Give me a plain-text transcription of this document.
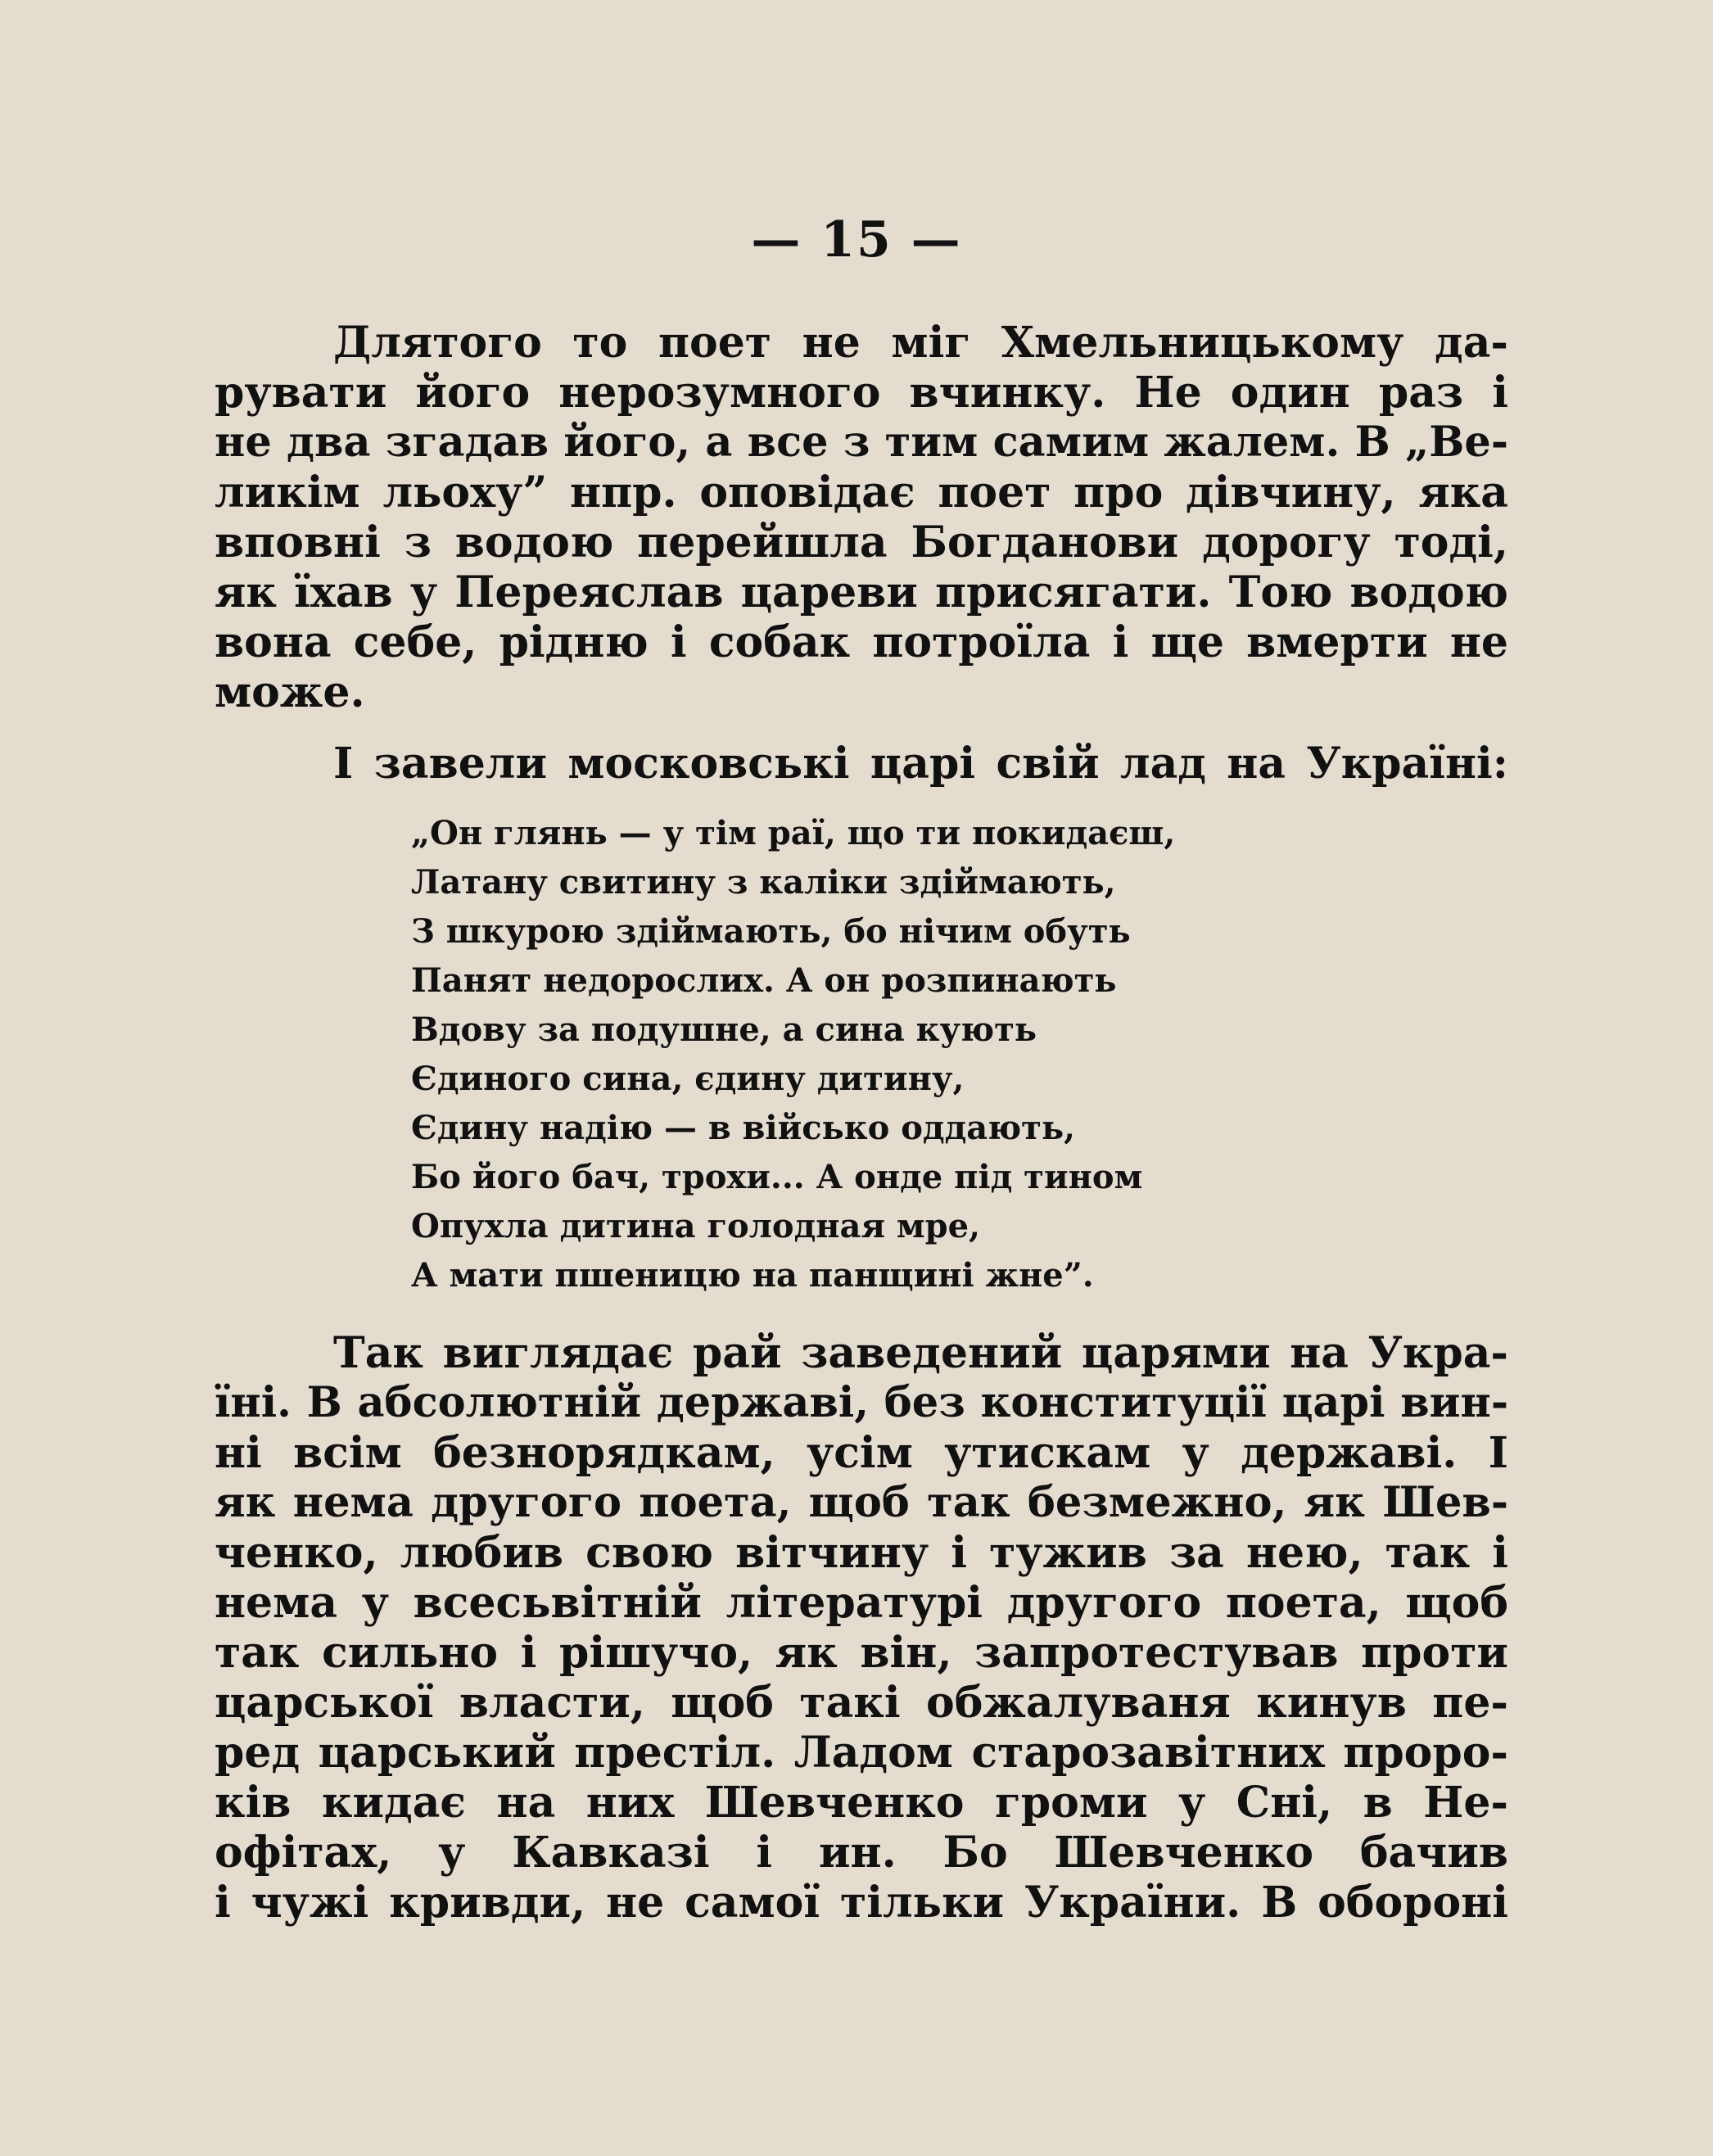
— 15 —
Длятого то поет не міг Хмельницькому да-
рувати його нерозумного вчинку. Не один раз і
не два згадав його, а все з тим самим жалем. В „Ве-
ликім льоху” нпр. оповідає поет про дівчину, яка
вповні з водою перейшла Богданови дорогу тоді,
як їхав у Переяслав цареви присягати. Тою водою
вона себе, рідню і собак потроїла і ще вмерти не
може.
І завели московські царі свій лад на Україні:
„Он глянь — у тім раї, що ти покидаєш,
Латану свитину з каліки здіймають,
З шкурою здіймають, бо нічим обуть
Панят недорослих. А он розпинають
Вдову за подушне, а сина кують
Єдиного сина, єдину дитину,
Єдину надію — в військо оддають,
Бо його бач, трохи... А онде під тином
Опухла дитина голодная мре,
А мати пшеницю на панщині жне”.
Так виглядає рай заведений царями на Укра-
їні. В абсолютній державі, без конституції царі вин-
ні всім безнорядкам, усім утискам у державі. І
як нема другого поета, щоб так безмежно, як Шев-
ченко, любив свою вітчину і тужив за нею, так і
нема у всесьвітній літературі другого поета, щоб
так сильно і рішучо, як він, запротестував проти
царської власти, щоб такі обжалуваня кинув пе-
ред царський престіл. Ладом старозавітних проро-
ків кидає на них Шевченко громи у Сні, в Не-
офітах, у Кавказі і ин. Бо Шевченко бачив
і чужі кривди, не самої тільки України. В обороні
